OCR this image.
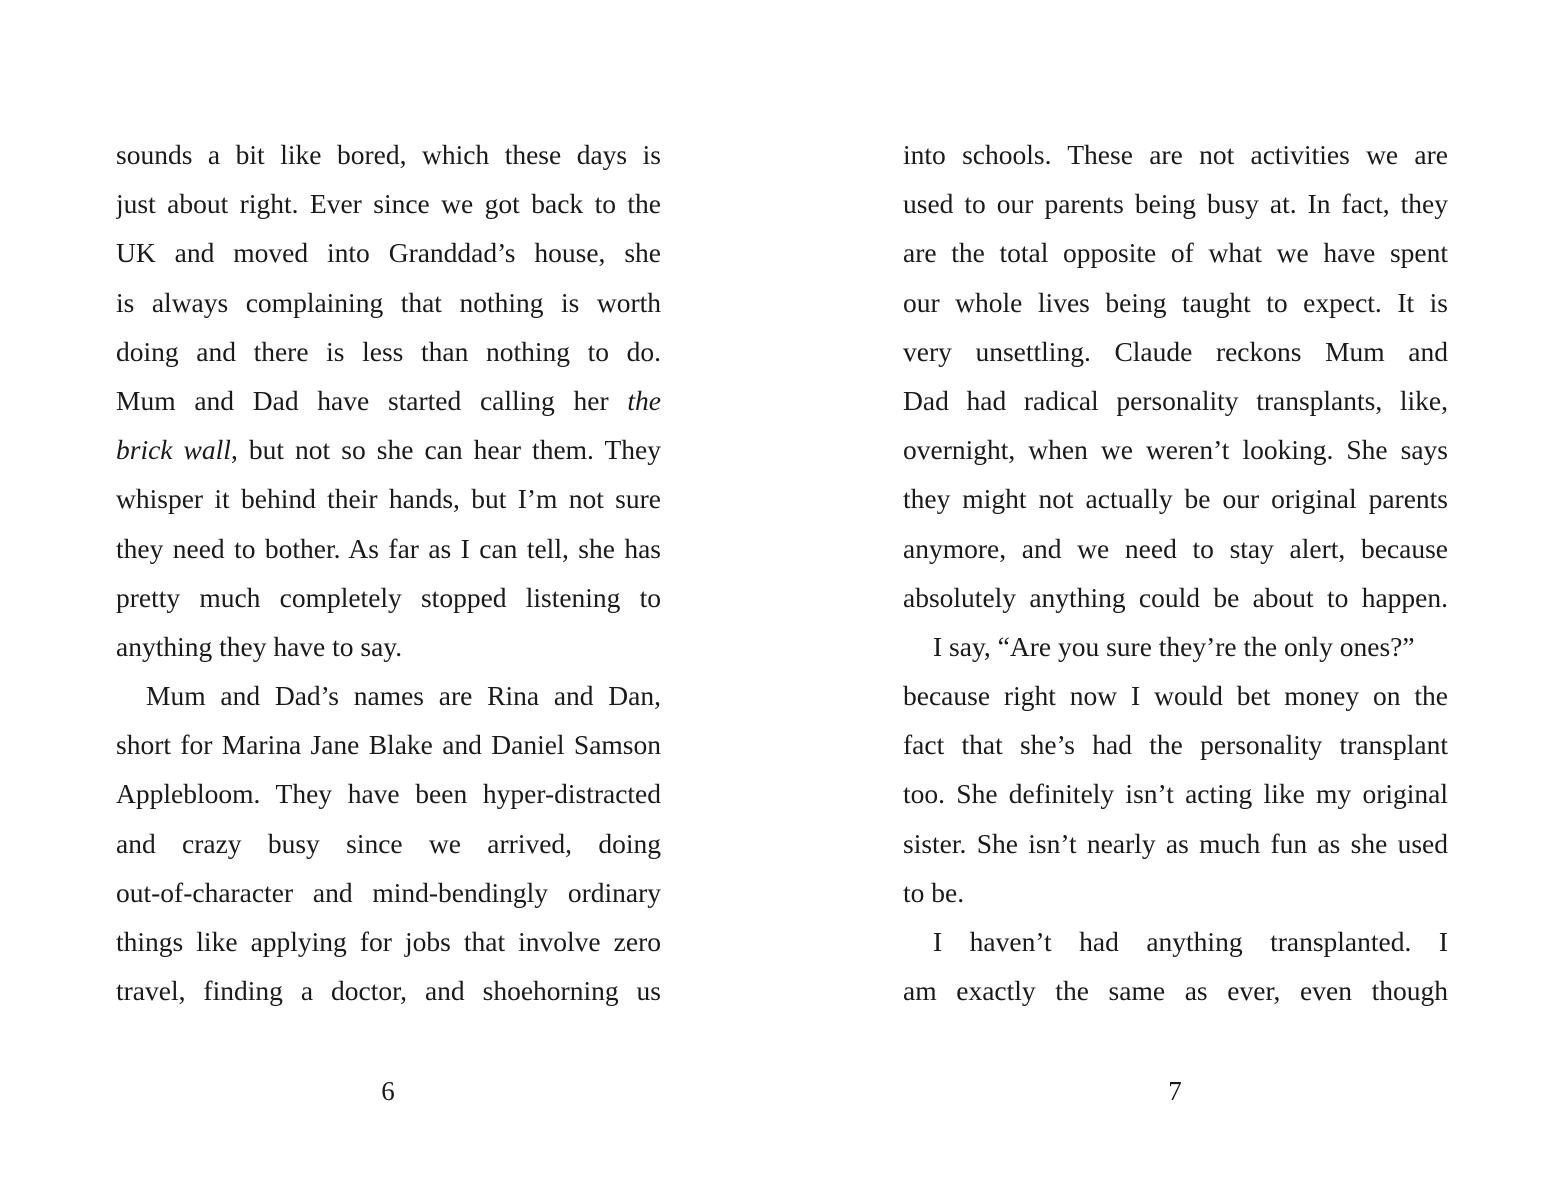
sounds a bit like bored, which these days is
just about right. Ever since we got back to the
UK and moved into Granddad’s house, she
is always complaining that nothing is worth
doing and there is less than nothing to do.
Mum and Dad have started calling her the
brick wall, but not so she can hear them. They
whisper it behind their hands, but I’m not sure
they need to bother. As far as I can tell, she has
pretty much completely stopped listening to
anything they have to say.
Mum and Dad’s names are Rina and Dan,
short for Marina Jane Blake and Daniel Samson
Applebloom. They have been hyper-distracted
and crazy busy since we arrived, doing
out-of-character and mind-bendingly ordinary
things like applying for jobs that involve zero
travel, finding a doctor, and shoehorning us
6
into schools. These are not activities we are
used to our parents being busy at. In fact, they
are the total opposite of what we have spent
our whole lives being taught to expect. It is
very unsettling. Claude reckons Mum and
Dad had radical personality transplants, like,
overnight, when we weren’t looking. She says
they might not actually be our original parents
anymore, and we need to stay alert, because
absolutely anything could be about to happen.
I say, “Are you sure they’re the only ones?”
because right now I would bet money on the
fact that she’s had the personality transplant
too. She definitely isn’t acting like my original
sister. She isn’t nearly as much fun as she used
to be.
I haven’t had anything transplanted. I
am exactly the same as ever, even though
7
